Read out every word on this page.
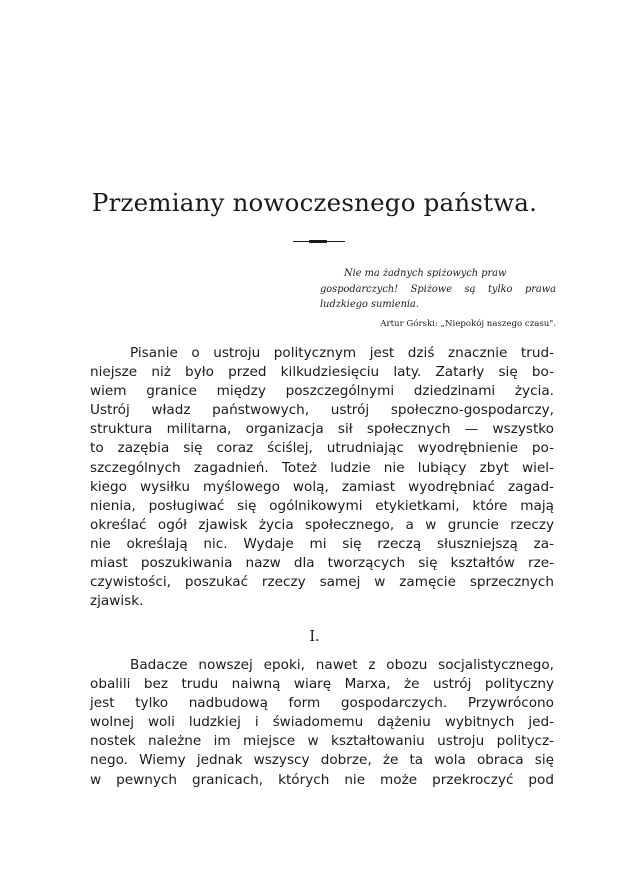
Przemiany nowoczesnego państwa.

Nie ma żadnych spiżowych praw
gospodarczych! Spiżowe są tylko prawa
ludzkiego sumienia.

Artur Górski: „Niepokój naszego czasu".

Pisanie o ustroju politycznym jest dziś znacznie trud-
niejsze niż było przed kilkudziesięciu laty. Zatarły się bo-
wiem granice między poszczególnymi dziedzinami życia.
Ustrój władz państwowych, ustrój społeczno-gospodarczy,
struktura militarna, organizacja sił społecznych — wszystko
to zazębia się coraz ściślej, utrudniając wyodrębnienie po-
szczególnych zagadnień. Toteż ludzie nie lubiący zbyt wiel-
kiego wysiłku myślowego wolą, zamiast wyodrębniać zagad-
nienia, posługiwać się ogólnikowymi etykietkami, które mają
określać ogół zjawisk życia społecznego, a w gruncie rzeczy
nie określają nic. Wydaje mi się rzeczą słuszniejszą za-
miast poszukiwania nazw dla tworzących się kształtów rze-
czywistości, poszukać rzeczy samej w zamęcie sprzecznych
zjawisk.
I.
Badacze nowszej epoki, nawet z obozu socjalistycznego,
obalili bez trudu naiwną wiarę Marxa, że ustrój polityczny
jest tylko nadbudową form gospodarczych. Przywrócono
wolnej woli ludzkiej i świadomemu dążeniu wybitnych jed-
nostek należne im miejsce w kształtowaniu ustroju politycz-
nego. Wiemy jednak wszyscy dobrze, że ta wola obraca się
w pewnych granicach, których nie może przekroczyć pod
